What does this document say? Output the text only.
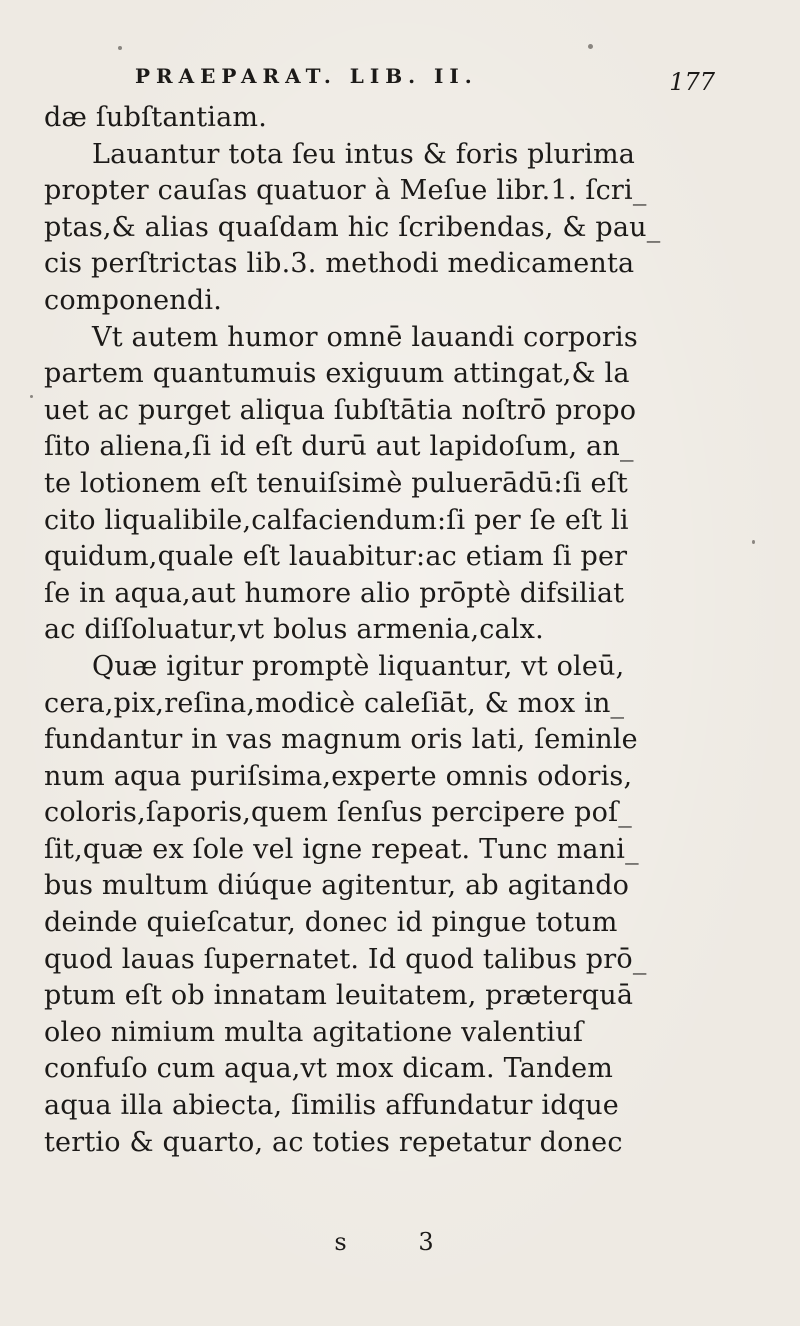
PRAEPARAT. LIB. II.	177
dæ ſubſtantiam.
Lauantur tota ſeu intus & foris plurima
propter cauſas quatuor à Meſue libr.1. ſcri_
ptas,& alias quaſdam hic ſcribendas, & pau_
cis perſtrictas lib.3. methodi medicamenta
componendi.
Vt autem humor omnē lauandi corporis
partem quantumuis exiguum attingat,& la
uet ac purget aliqua ſubſtātia noſtrō propo
ſito aliena,ſi id eſt durū aut lapidoſum, an_
te lotionem eſt tenuiſsimè puluerādū:ſi eſt
cito liqualibile,calfaciendum:ſi per ſe eſt li
quidum,quale eſt lauabitur:ac etiam ſi per
ſe in aqua,aut humore alio prōptè difsiliat
ac diſſoluatur,vt bolus armenia,calx.
Quæ igitur promptè liquantur, vt oleū,
cera,pix,reſina,modicè caleſiāt, & mox in_
fundantur in vas magnum oris lati, ſeminle
num aqua puriſsima,experte omnis odoris,
coloris,ſaporis,quem ſenſus percipere poſ_
ſit,quæ ex ſole vel igne repeat. Tunc mani_
bus multum diúque agitentur, ab agitando
deinde quieſcatur, donec id pingue totum
quod lauas ſupernatet. Id quod talibus prō_
ptum eſt ob innatam leuitatem, præterquā
oleo nimium multa agitatione valentiuſ
confuſo cum aqua,vt mox dicam. Tandem
aqua illa abiecta, ſimilis affundatur idque
tertio & quarto, ac toties repetatur donec
s 3
